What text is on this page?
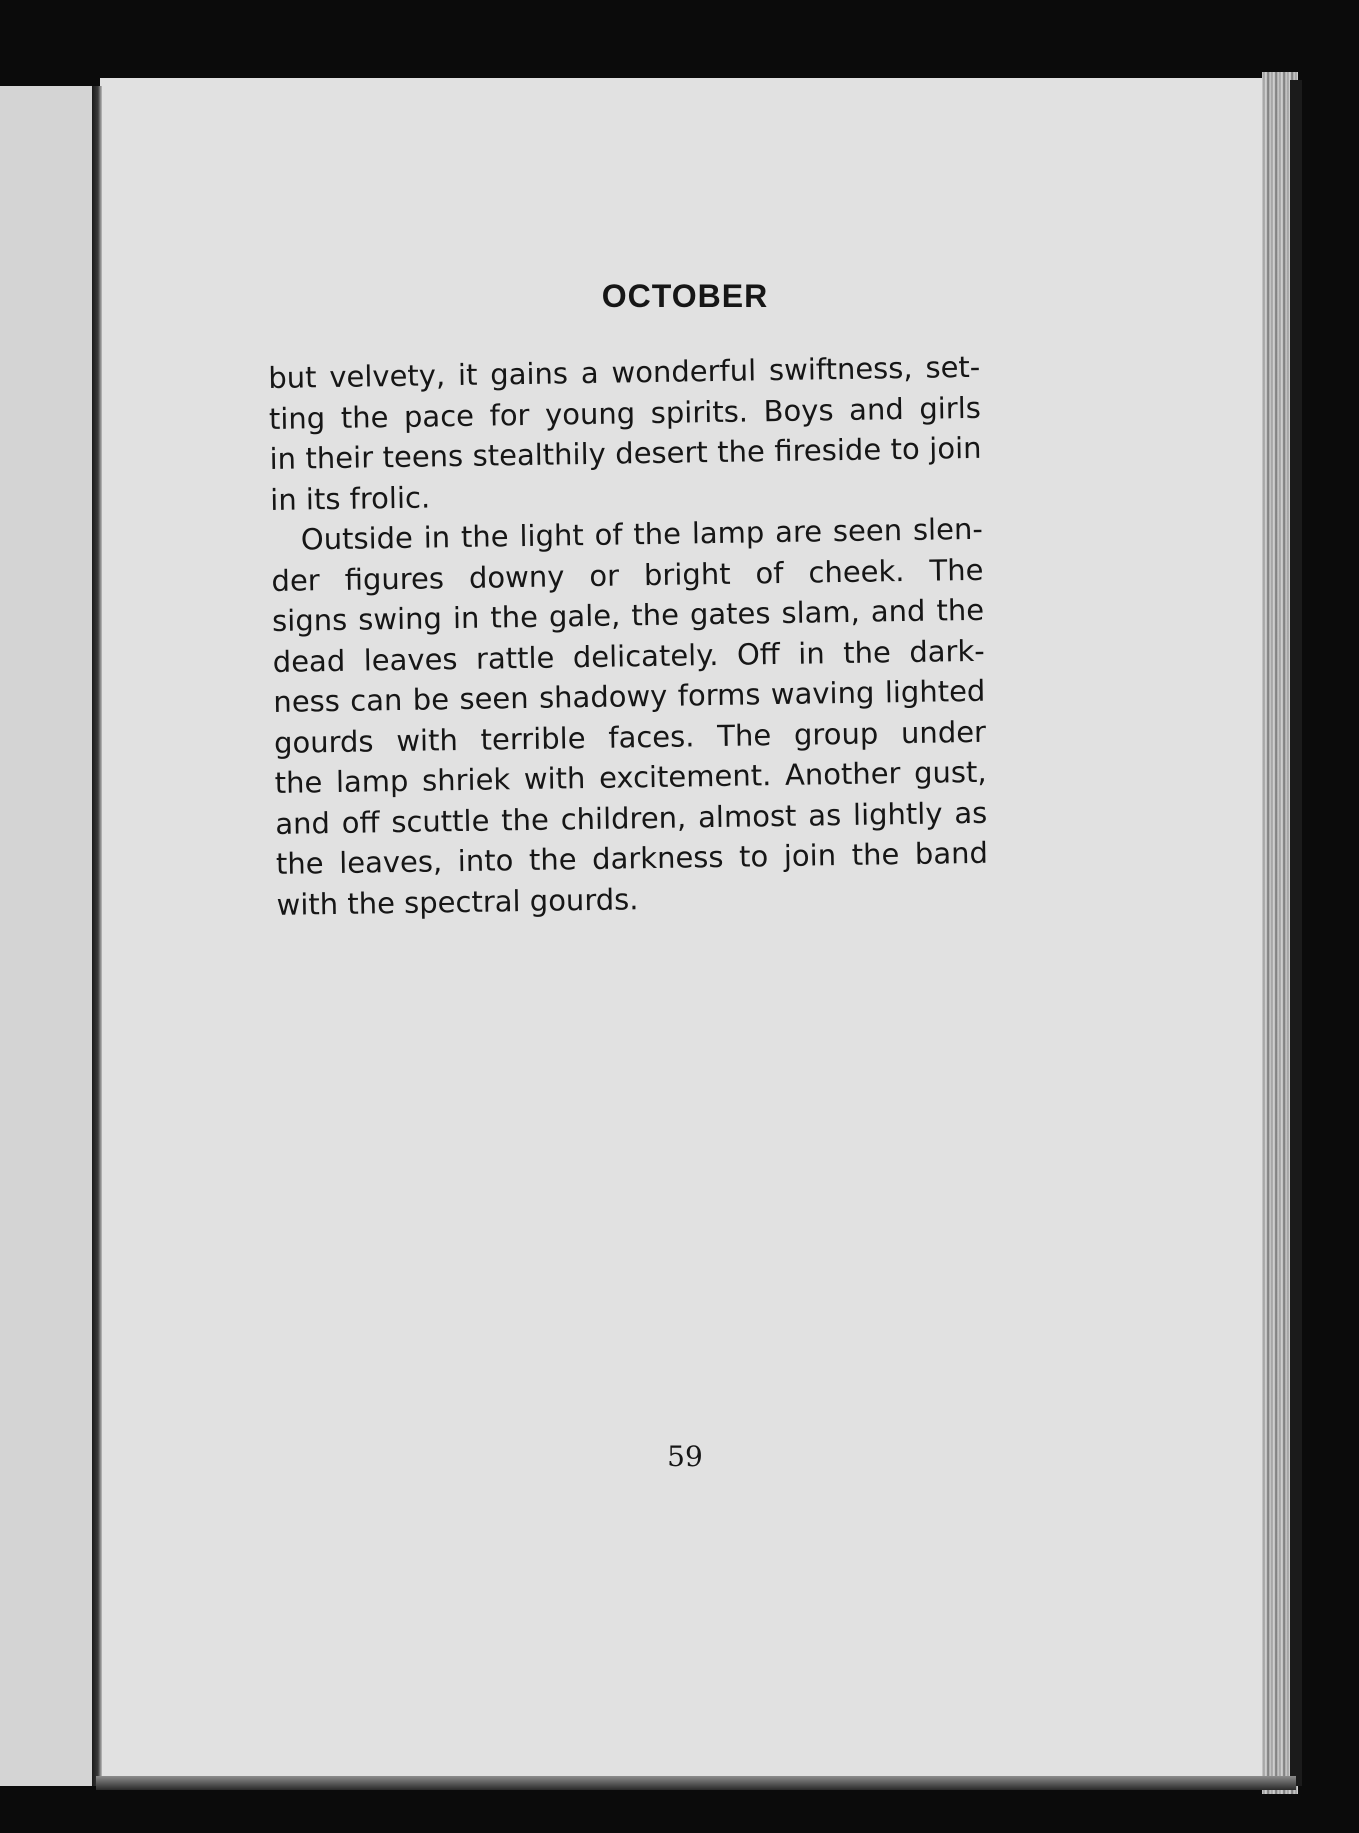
OCTOBER
but velvety, it gains a wonderful swiftness, set-
ting the pace for young spirits. Boys and girls
in their teens stealthily desert the fireside to join
in its frolic.
Outside in the light of the lamp are seen slen-
der figures downy or bright of cheek. The
signs swing in the gale, the gates slam, and the
dead leaves rattle delicately. Off in the dark-
ness can be seen shadowy forms waving lighted
gourds with terrible faces. The group under
the lamp shriek with excitement. Another gust,
and off scuttle the children, almost as lightly as
the leaves, into the darkness to join the band
with the spectral gourds.
59
